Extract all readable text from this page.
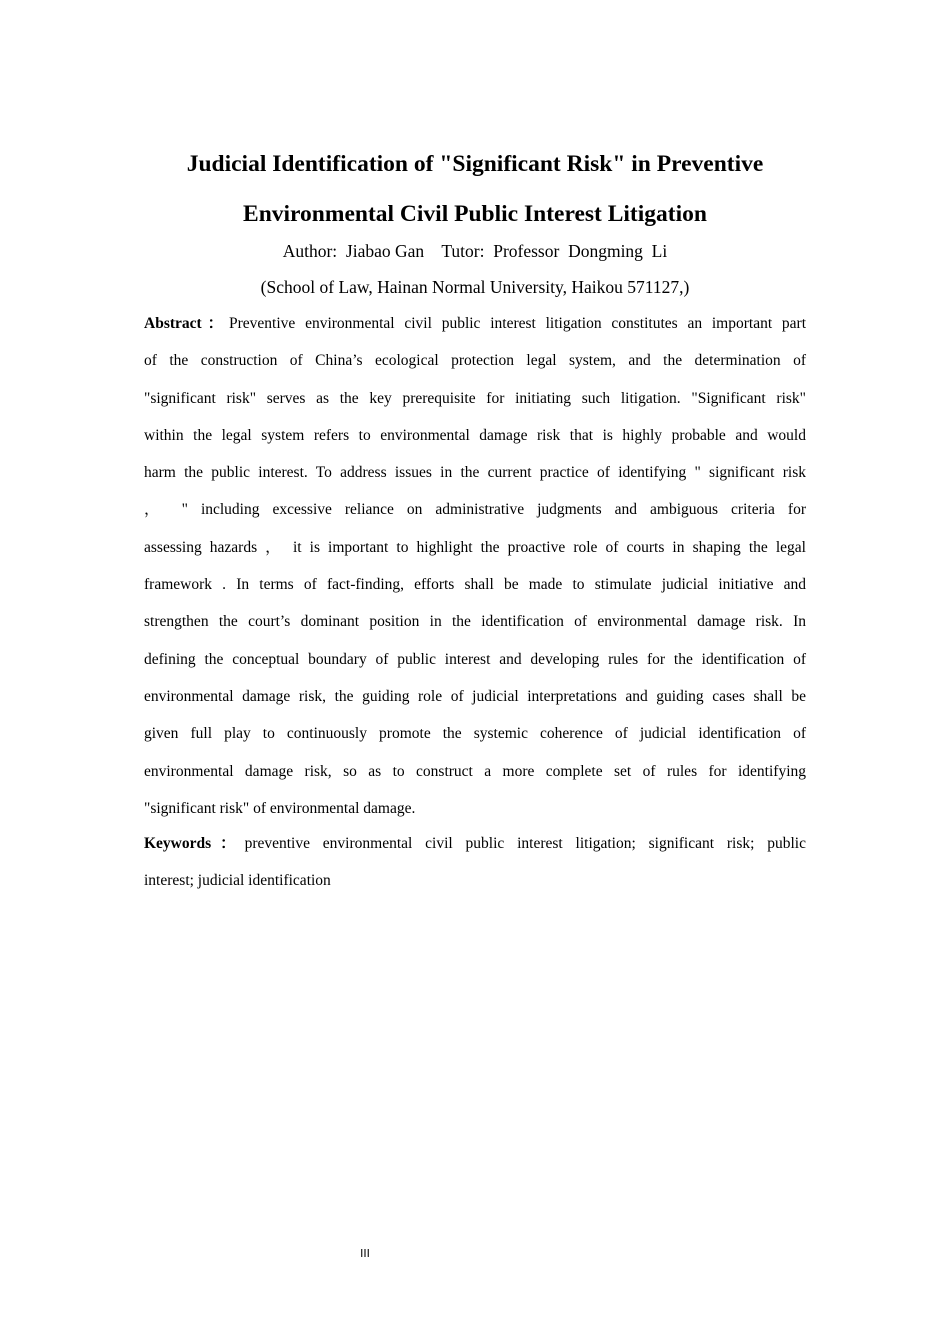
Judicial Identification of "Significant Risk" in Preventive
Environmental Civil Public Interest Litigation

Author:  Jiabao Gan    Tutor:  Professor  Dongming  Li

(School of Law, Hainan Normal University, Haikou 571127,)

Abstract：Preventive environmental civil public interest litigation constitutes an important part
of the construction of China’s ecological protection legal system, and the determination of
"significant risk" serves as the key prerequisite for initiating such litigation. "Significant risk"
within the legal system refers to environmental damage risk that is highly probable and would
harm the public interest. To address issues in the current practice of identifying " significant risk
， " including excessive reliance on administrative judgments and ambiguous criteria for
assessing hazards ， it is important to highlight the proactive role of courts in shaping the legal
framework . In terms of fact-finding, efforts shall be made to stimulate judicial initiative and
strengthen the court’s dominant position in the identification of environmental damage risk. In
defining the conceptual boundary of public interest and developing rules for the identification of
environmental damage risk, the guiding role of judicial interpretations and guiding cases shall be
given full play to continuously promote the systemic coherence of judicial identification of
environmental damage risk, so as to construct a more complete set of rules for identifying
"significant risk" of environmental damage.
Keywords：preventive environmental civil public interest litigation; significant risk; public
interest; judicial identification
III
